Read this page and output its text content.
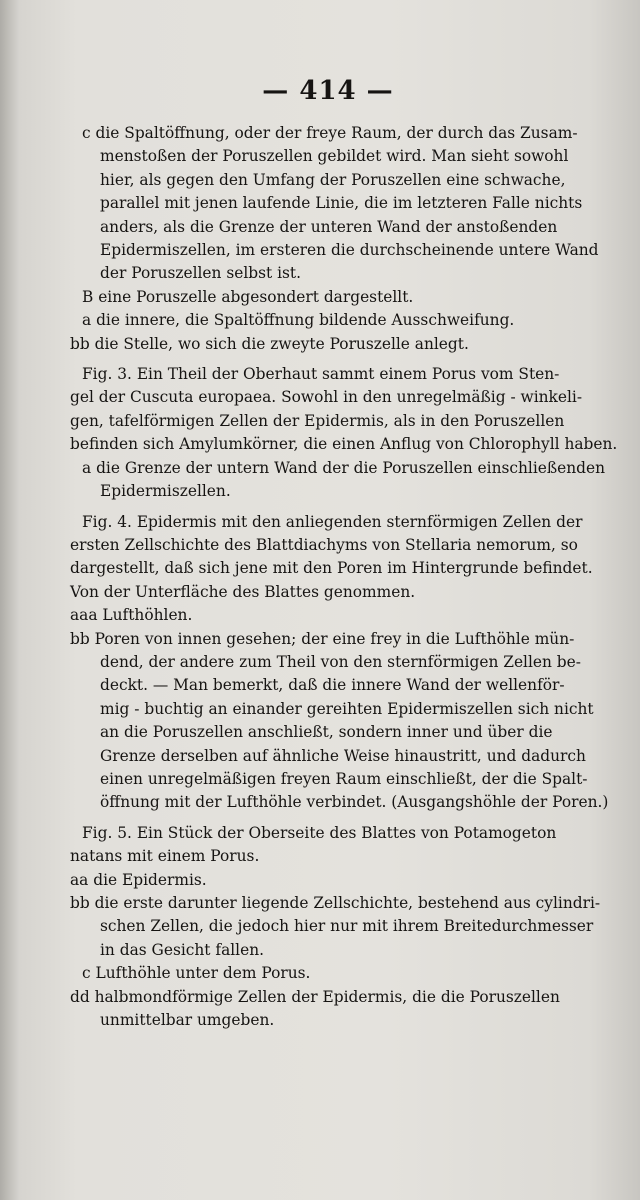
— 414 —
c die Spaltöffnung, oder der freye Raum, der durch das Zusam-
menstoßen der Poruszellen gebildet wird. Man sieht sowohl
hier, als gegen den Umfang der Poruszellen eine schwache,
parallel mit jenen laufende Linie, die im letzteren Falle nichts
anders, als die Grenze der unteren Wand der anstoßenden
Epidermiszellen, im ersteren die durchscheinende untere Wand
der Poruszellen selbst ist.
B eine Poruszelle abgesondert dargestellt.
a die innere, die Spaltöffnung bildende Ausschweifung.
bb die Stelle, wo sich die zweyte Poruszelle anlegt.
Fig. 3. Ein Theil der Oberhaut sammt einem Porus vom Sten-
gel der Cuscuta europaea. Sowohl in den unregelmäßig - winkeli-
gen, tafelförmigen Zellen der Epidermis, als in den Poruszellen
befinden sich Amylumkörner, die einen Anflug von Chlorophyll haben.
a die Grenze der untern Wand der die Poruszellen einschließenden
Epidermiszellen.
Fig. 4. Epidermis mit den anliegenden sternförmigen Zellen der
ersten Zellschichte des Blattdiachyms von Stellaria nemorum, so
dargestellt, daß sich jene mit den Poren im Hintergrunde befindet.
Von der Unterfläche des Blattes genommen.
aaa Lufthöhlen.
bb Poren von innen gesehen; der eine frey in die Lufthöhle mün-
dend, der andere zum Theil von den sternförmigen Zellen be-
deckt. — Man bemerkt, daß die innere Wand der wellenför-
mig - buchtig an einander gereihten Epidermiszellen sich nicht
an die Poruszellen anschließt, sondern inner und über die
Grenze derselben auf ähnliche Weise hinaustritt, und dadurch
einen unregelmäßigen freyen Raum einschließt, der die Spalt-
öffnung mit der Lufthöhle verbindet. (Ausgangshöhle der Poren.)
Fig. 5. Ein Stück der Oberseite des Blattes von Potamogeton
natans mit einem Porus.
aa die Epidermis.
bb die erste darunter liegende Zellschichte, bestehend aus cylindri-
schen Zellen, die jedoch hier nur mit ihrem Breitedurchmesser
in das Gesicht fallen.
c Lufthöhle unter dem Porus.
dd halbmondförmige Zellen der Epidermis, die die Poruszellen
unmittelbar umgeben.
